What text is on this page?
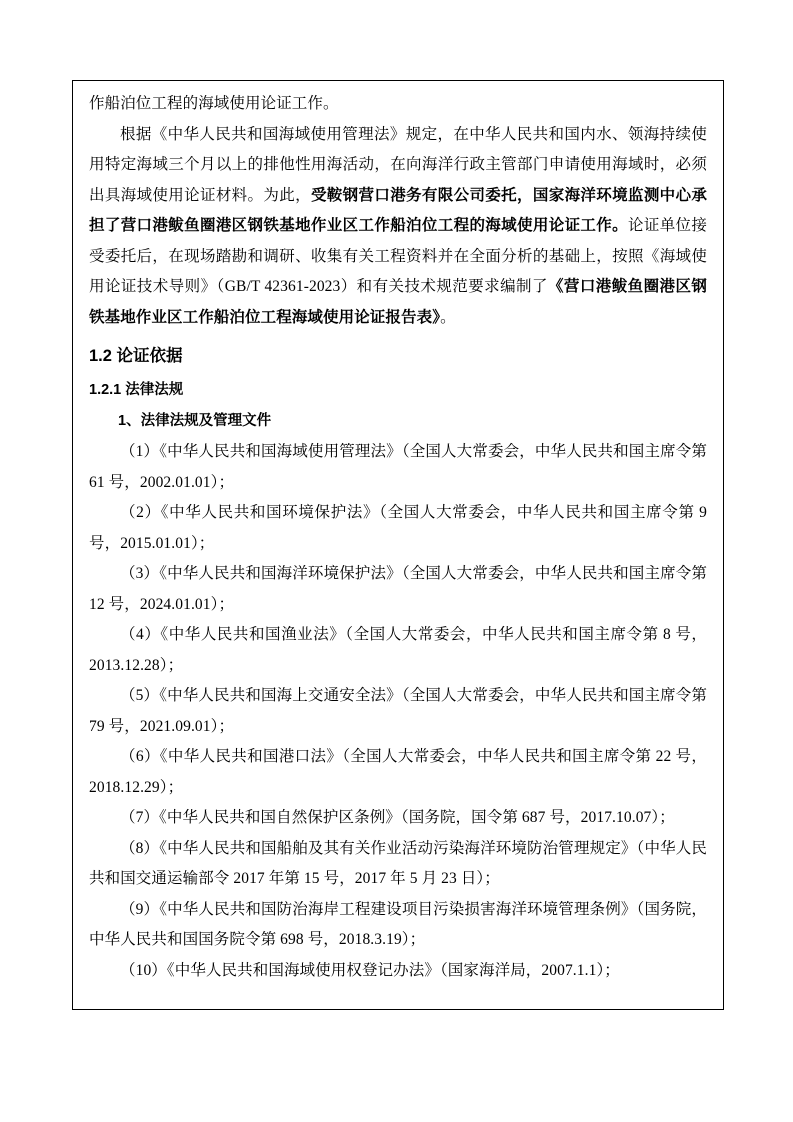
作船泊位工程的海域使用论证工作。

根据《中华人民共和国海域使用管理法》规定，在中华人民共和国内水、领海持续使用特定海域三个月以上的排他性用海活动，在向海洋行政主管部门申请使用海域时，必须出具海域使用论证材料。为此，受鞍钢营口港务有限公司委托，国家海洋环境监测中心承担了营口港鲅鱼圈港区钢铁基地作业区工作船泊位工程的海域使用论证工作。论证单位接受委托后，在现场踏勘和调研、收集有关工程资料并在全面分析的基础上，按照《海域使用论证技术导则》（GB/T 42361-2023）和有关技术规范要求编制了《营口港鲅鱼圈港区钢铁基地作业区工作船泊位工程海域使用论证报告表》。

1.2 论证依据
1.2.1 法律法规
1、法律法规及管理文件

（1）《中华人民共和国海域使用管理法》（全国人大常委会，中华人民共和国主席令第 61 号，2002.01.01）；

（2）《中华人民共和国环境保护法》（全国人大常委会，中华人民共和国主席令第 9 号，2015.01.01）；

（3）《中华人民共和国海洋环境保护法》（全国人大常委会，中华人民共和国主席令第 12 号，2024.01.01）；

（4）《中华人民共和国渔业法》（全国人大常委会，中华人民共和国主席令第 8 号，2013.12.28）；

（5）《中华人民共和国海上交通安全法》（全国人大常委会，中华人民共和国主席令第 79 号，2021.09.01）；

（6）《中华人民共和国港口法》（全国人大常委会，中华人民共和国主席令第 22 号，2018.12.29）；

（7）《中华人民共和国自然保护区条例》（国务院，国令第 687 号，2017.10.07）；

（8）《中华人民共和国船舶及其有关作业活动污染海洋环境防治管理规定》（中华人民共和国交通运输部令 2017 年第 15 号，2017 年 5 月 23 日）；

（9）《中华人民共和国防治海岸工程建设项目污染损害海洋环境管理条例》（国务院，中华人民共和国国务院令第 698 号，2018.3.19）；

（10）《中华人民共和国海域使用权登记办法》（国家海洋局，2007.1.1）；
